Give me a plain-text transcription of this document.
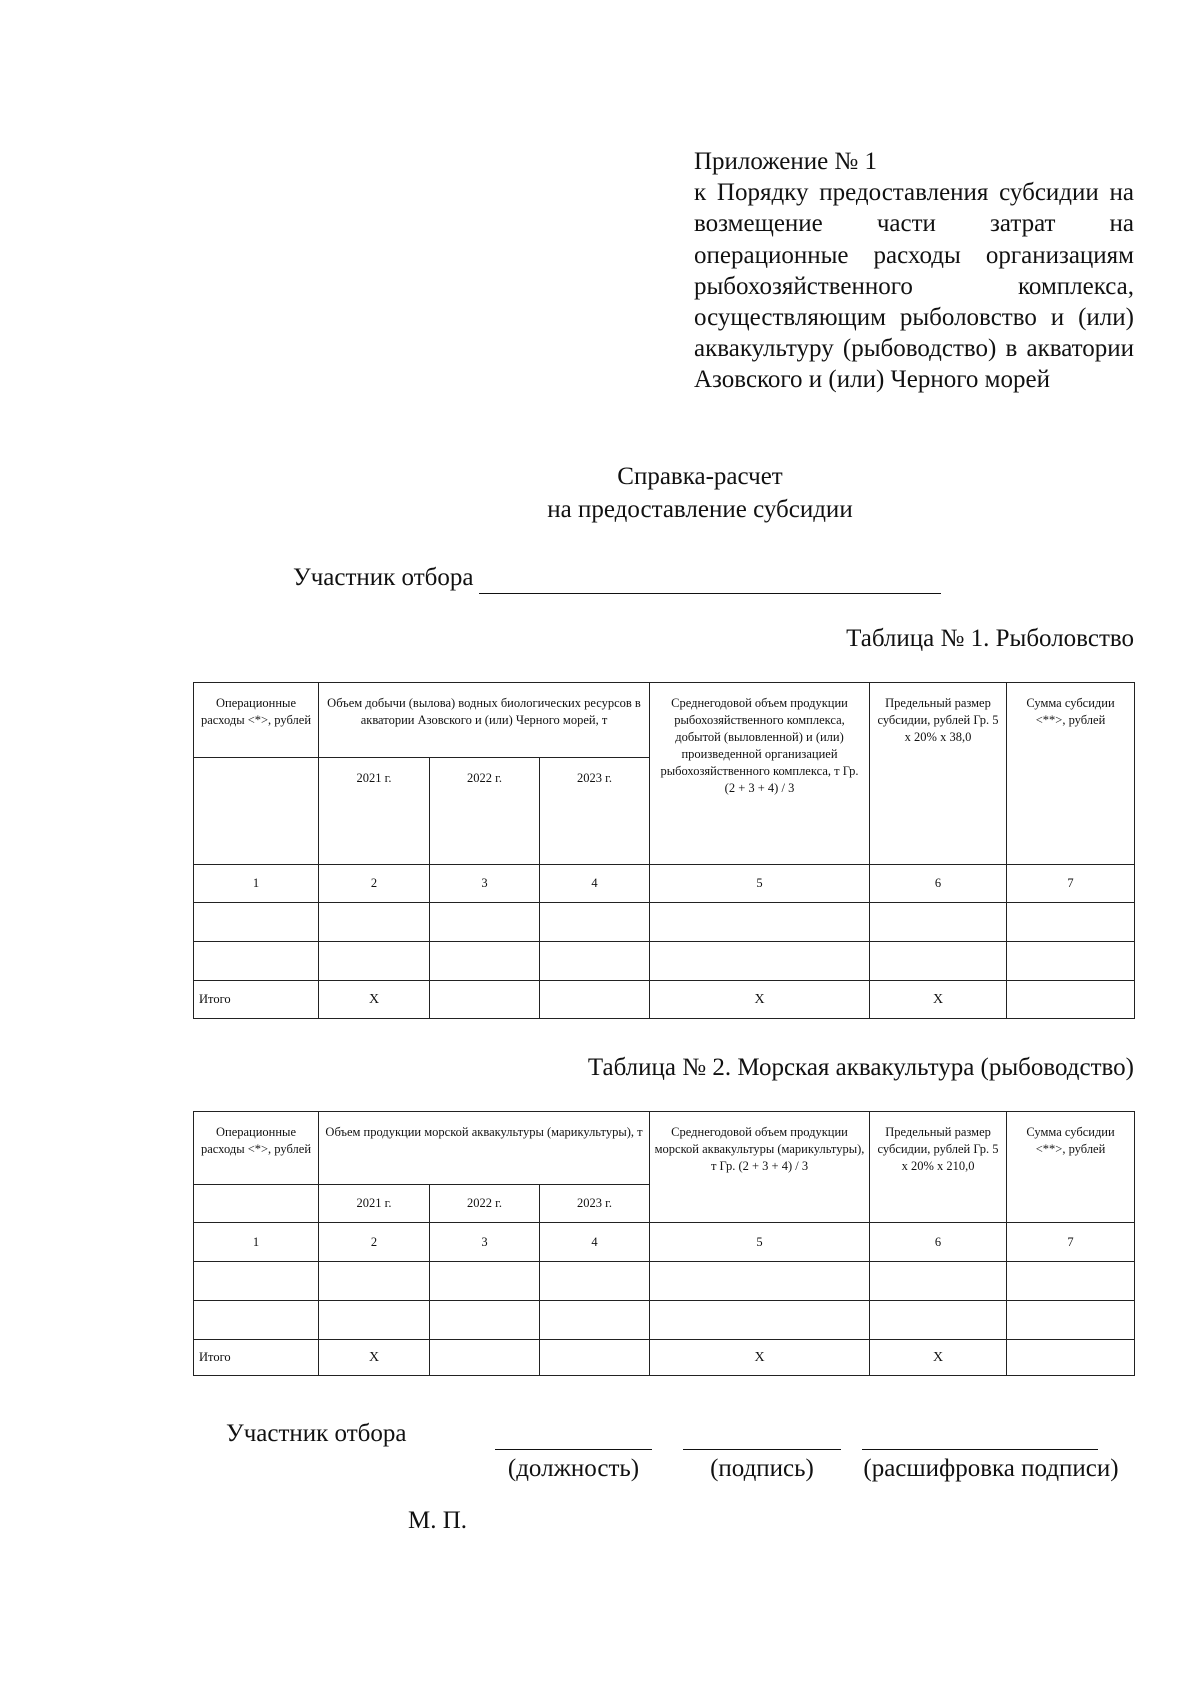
Приложение № 1
к Порядку предоставления субсидии на возмещение части затрат на операционные расходы организациям рыбохозяйственного комплекса, осуществляющим рыболовство и (или) аквакультуру (рыбоводство) в акватории Азовского и (или) Черного морей
Справка-расчет
на предоставление субсидии
Участник отбора
Таблица № 1. Рыболовство
Операционные расходы <*>, рублей	Объем добычи (вылова) водных биологических ресурсов в акватории Азовского и (или) Черного морей, т			Среднегодовой объем продукции рыбохозяйственного комплекса, добытой (выловленной) и (или) произведенной организацией рыбохозяйственного комплекса, т Гр. (2 + 3 + 4) / 3	Предельный размер субсидии, рублей Гр. 5 х 20% х 38,0	Сумма субсидии <**>, рублей
	2021 г.	2022 г.	2023 г.			
1	2	3	4	5	6	7

Итого	Х			Х	Х	
Таблица № 2. Морская аквакультура (рыбоводство)
Операционные расходы <*>, рублей	Объем продукции морской аквакультуры (марикультуры), т			Среднегодовой объем продукции морской аквакультуры (марикультуры), т Гр. (2 + 3 + 4) / 3	Предельный размер субсидии, рублей Гр. 5 х 20% х 210,0	Сумма субсидии <**>, рублей
	2021 г.	2022 г.	2023 г.			
1	2	3	4	5	6	7

Итого	Х			Х	Х	
Участник отбора
(должность)	(подпись)	(расшифровка подписи)
М. П.
